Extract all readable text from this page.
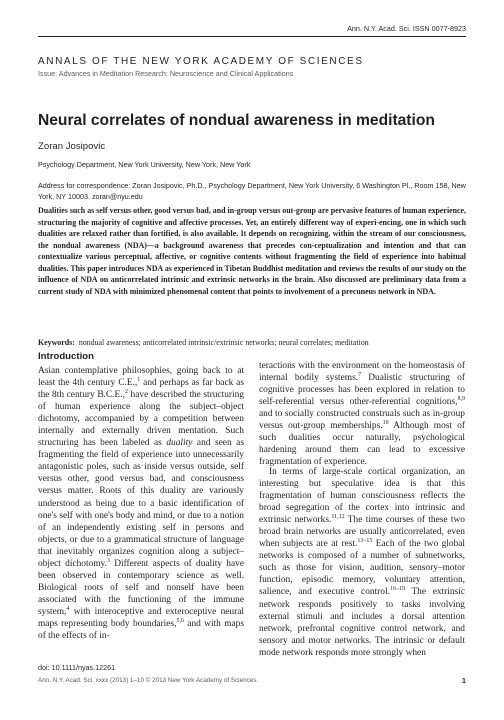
Ann. N.Y. Acad. Sci. ISSN 0077-8923
ANNALS OF THE NEW YORK ACADEMY OF SCIENCES
Issue: Advances in Meditation Research: Neuroscience and Clinical Applications
Neural correlates of nondual awareness in meditation
Zoran Josipovic
Psychology Department, New York University, New York, New York
Address for correspondence: Zoran Josipovic, Ph.D., Psychology Department, New York University, 6 Washington Pl., Room 158, New York, NY 10003. zoran@nyu.edu

Dualities such as self versus other, good versus bad, and in-group versus out-group are pervasive features of human experience, structuring the majority of cognitive and affective processes. Yet, an entirely different way of experi-encing, one in which such dualities are relaxed rather than fortified, is also available. It depends on recognizing, within the stream of our consciousness, the nondual awareness (NDA)—a background awareness that precedes con-ceptualization and intention and that can contextualize various perceptual, affective, or cognitive contents without fragmenting the field of experience into habitual dualities. This paper introduces NDA as experienced in Tibetan Buddhist meditation and reviews the results of our study on the influence of NDA on anticorrelated intrinsic and extrinsic networks in the brain. Also discussed are preliminary data from a current study of NDA with minimized phenomenal content that points to involvement of a precuneus network in NDA.

Keywords: nondual awareness; anticorrelated intrinsic/extrinsic networks; neural correlates; meditation

Introduction

Asian contemplative philosophies, going back to at least the 4th century C.E.,$^1$ and perhaps as far back as the 8th century B.C.E.,$^2$ have described the structuring of human experience along the subject–object dichotomy, accompanied by a competition between internally and externally driven mentation. Such structuring has been labeled as duality and seen as fragmenting the field of experience into unnecessarily antagonistic poles, such as inside versus outside, self versus other, good versus bad, and consciousness versus matter. Roots of this duality are variously understood as being due to a basic identification of one's self with one's body and mind, or due to a notion of an independently existing self in persons and objects, or due to a grammatical structure of language that inevitably organizes cognition along a subject–object dichotomy.$^3$ Different aspects of duality have been observed in contemporary science as well. Biological roots of self and nonself have been associated with the functioning of the immune system,$^4$ with interoceptive and exteroceptive neural maps representing body boundaries,$^{5,6}$ and with maps of the effects of in-

teractions with the environment on the homeostasis of internal bodily systems.$^7$ Dualistic structuring of cognitive processes has been explored in relation to self-referential versus other-referential cognitions,$^{8,9}$ and to socially constructed construals such as in-group versus out-group memberships.$^{10}$ Although most of such dualities occur naturally, psychological hardening around them can lead to excessive fragmentation of experience.

In terms of large-scale cortical organization, an interesting but speculative idea is that this fragmentation of human consciousness reflects the broad segregation of the cortex into intrinsic and extrinsic networks.$^{11,12}$ The time courses of these two broad brain networks are usually anticorrelated, even when subjects are at rest.$^{13-15}$ Each of the two global networks is composed of a number of subnetworks, such as those for vision, audition, sensory–motor function, episodic memory, voluntary attention, salience, and executive control.$^{16-19}$ The extrinsic network responds positively to tasks involving external stimuli and includes a dorsal attention network, prefrontal cognitive control network, and sensory and motor networks. The intrinsic or default mode network responds more strongly when

doi: 10.1111/nyas.12261
Ann. N.Y. Acad. Sci. xxxx (2013) 1–10 © 2013 New York Academy of Sciences.	1
